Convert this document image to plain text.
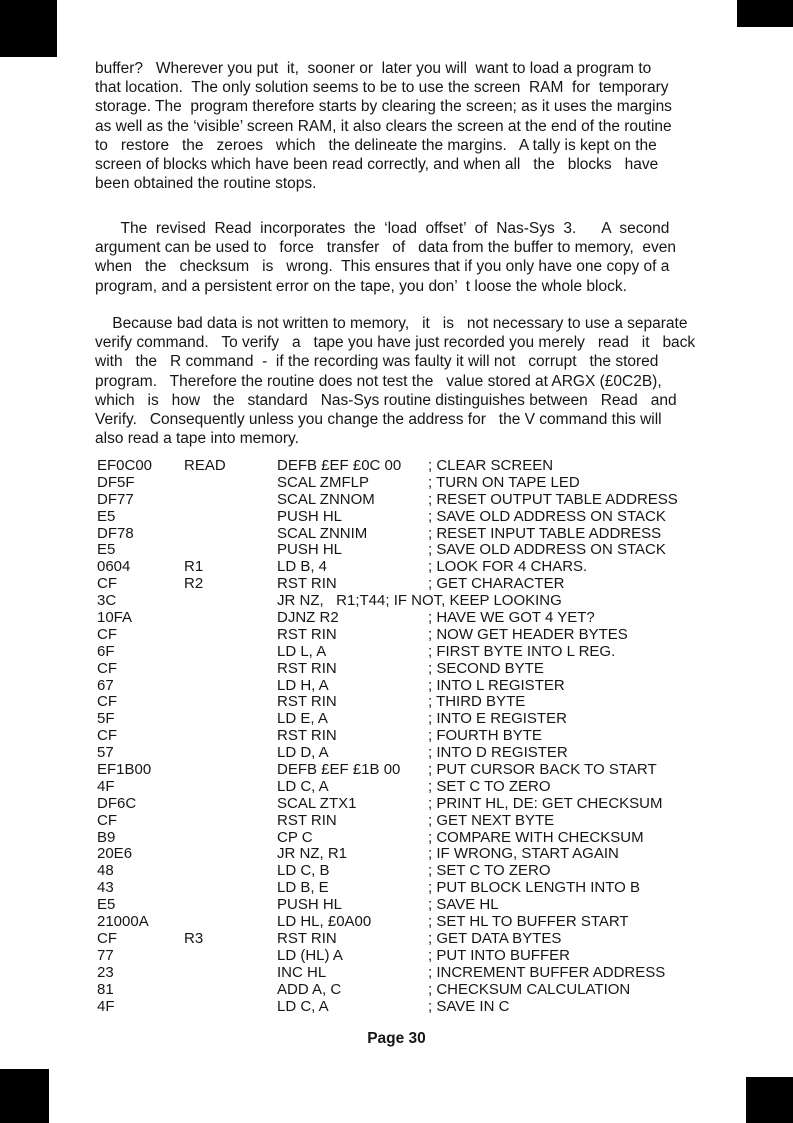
buffer?   Wherever you put  it,  sooner or  later you will  want to load a program to
that location.  The only solution seems to be to use the screen  RAM  for  temporary
storage. The  program therefore starts by clearing the screen; as it uses the margins
as well as the ‘visible’ screen RAM, it also clears the screen at the end of the routine
to   restore   the   zeroes   which   the delineate the margins.   A tally is kept on the
screen of blocks which have been read correctly, and when all   the   blocks   have
been obtained the routine stops.
The  revised  Read  incorporates  the  ‘load  offset’  of  Nas-Sys  3.      A  second
argument can be used to   force   transfer   of   data from the buffer to memory,  even
when   the   checksum   is   wrong.  This ensures that if you only have one copy of a
program, and a persistent error on the tape, you don’  t loose the whole block.
Because bad data is not written to memory,   it   is   not necessary to use a separate
verify command.   To verify   a   tape you have just recorded you merely   read   it   back
with   the   R command  -  if the recording was faulty it will not   corrupt   the stored
program.   Therefore the routine does not test the   value stored at ARGX (£0C2B),
which   is   how   the   standard   Nas-Sys routine distinguishes between   Read   and
Verify.   Consequently unless you change the address for   the V command this will
also read a tape into memory.
EF0C00 READ	DEFB £EF £0C 00 ; CLEAR SCREEN
DF5F	SCAL ZMFLP	; TURN ON TAPE LED
DF77	SCAL ZNNOM	; RESET OUTPUT TABLE ADDRESS
E5	PUSH HL	; SAVE OLD ADDRESS ON STACK
DF78	SCAL ZNNIM	; RESET INPUT TABLE ADDRESS
E5	PUSH HL	; SAVE OLD ADDRESS ON STACK
0604	R1	LD B, 4	; LOOK FOR 4 CHARS.
CF	R2	RST RIN	; GET CHARACTER
3C	JR NZ,   R1;T44; IF NOT, KEEP LOOKING
10FA	DJNZ R2	; HAVE WE GOT 4 YET?
CF	RST RIN	; NOW GET HEADER BYTES
6F	LD L, A	; FIRST BYTE INTO L REG.
CF	RST RIN	; SECOND BYTE
67	LD H, A	; INTO L REGISTER
CF	RST RIN	; THIRD BYTE
5F	LD E, A	; INTO E REGISTER
CF	RST RIN	; FOURTH BYTE
57	LD D, A	; INTO D REGISTER
EF1B00	DEFB £EF £1B 00 ; PUT CURSOR BACK TO START
4F	LD C, A	; SET C TO ZERO
DF6C	SCAL ZTX1	; PRINT HL, DE: GET CHECKSUM
CF	RST RIN	; GET NEXT BYTE
B9	CP C	; COMPARE WITH CHECKSUM
20E6	JR NZ, R1	; IF WRONG, START AGAIN
48	LD C, B	; SET C TO ZERO
43	LD B, E	; PUT BLOCK LENGTH INTO B
E5	PUSH HL	; SAVE HL
21000A	LD HL, £0A00	; SET HL TO BUFFER START
CF	R3	RST RIN	; GET DATA BYTES
77	LD (HL) A	; PUT INTO BUFFER
23	INC HL	; INCREMENT BUFFER ADDRESS
81	ADD A, C	; CHECKSUM CALCULATION
4F	LD C, A	; SAVE IN C
Page 30
